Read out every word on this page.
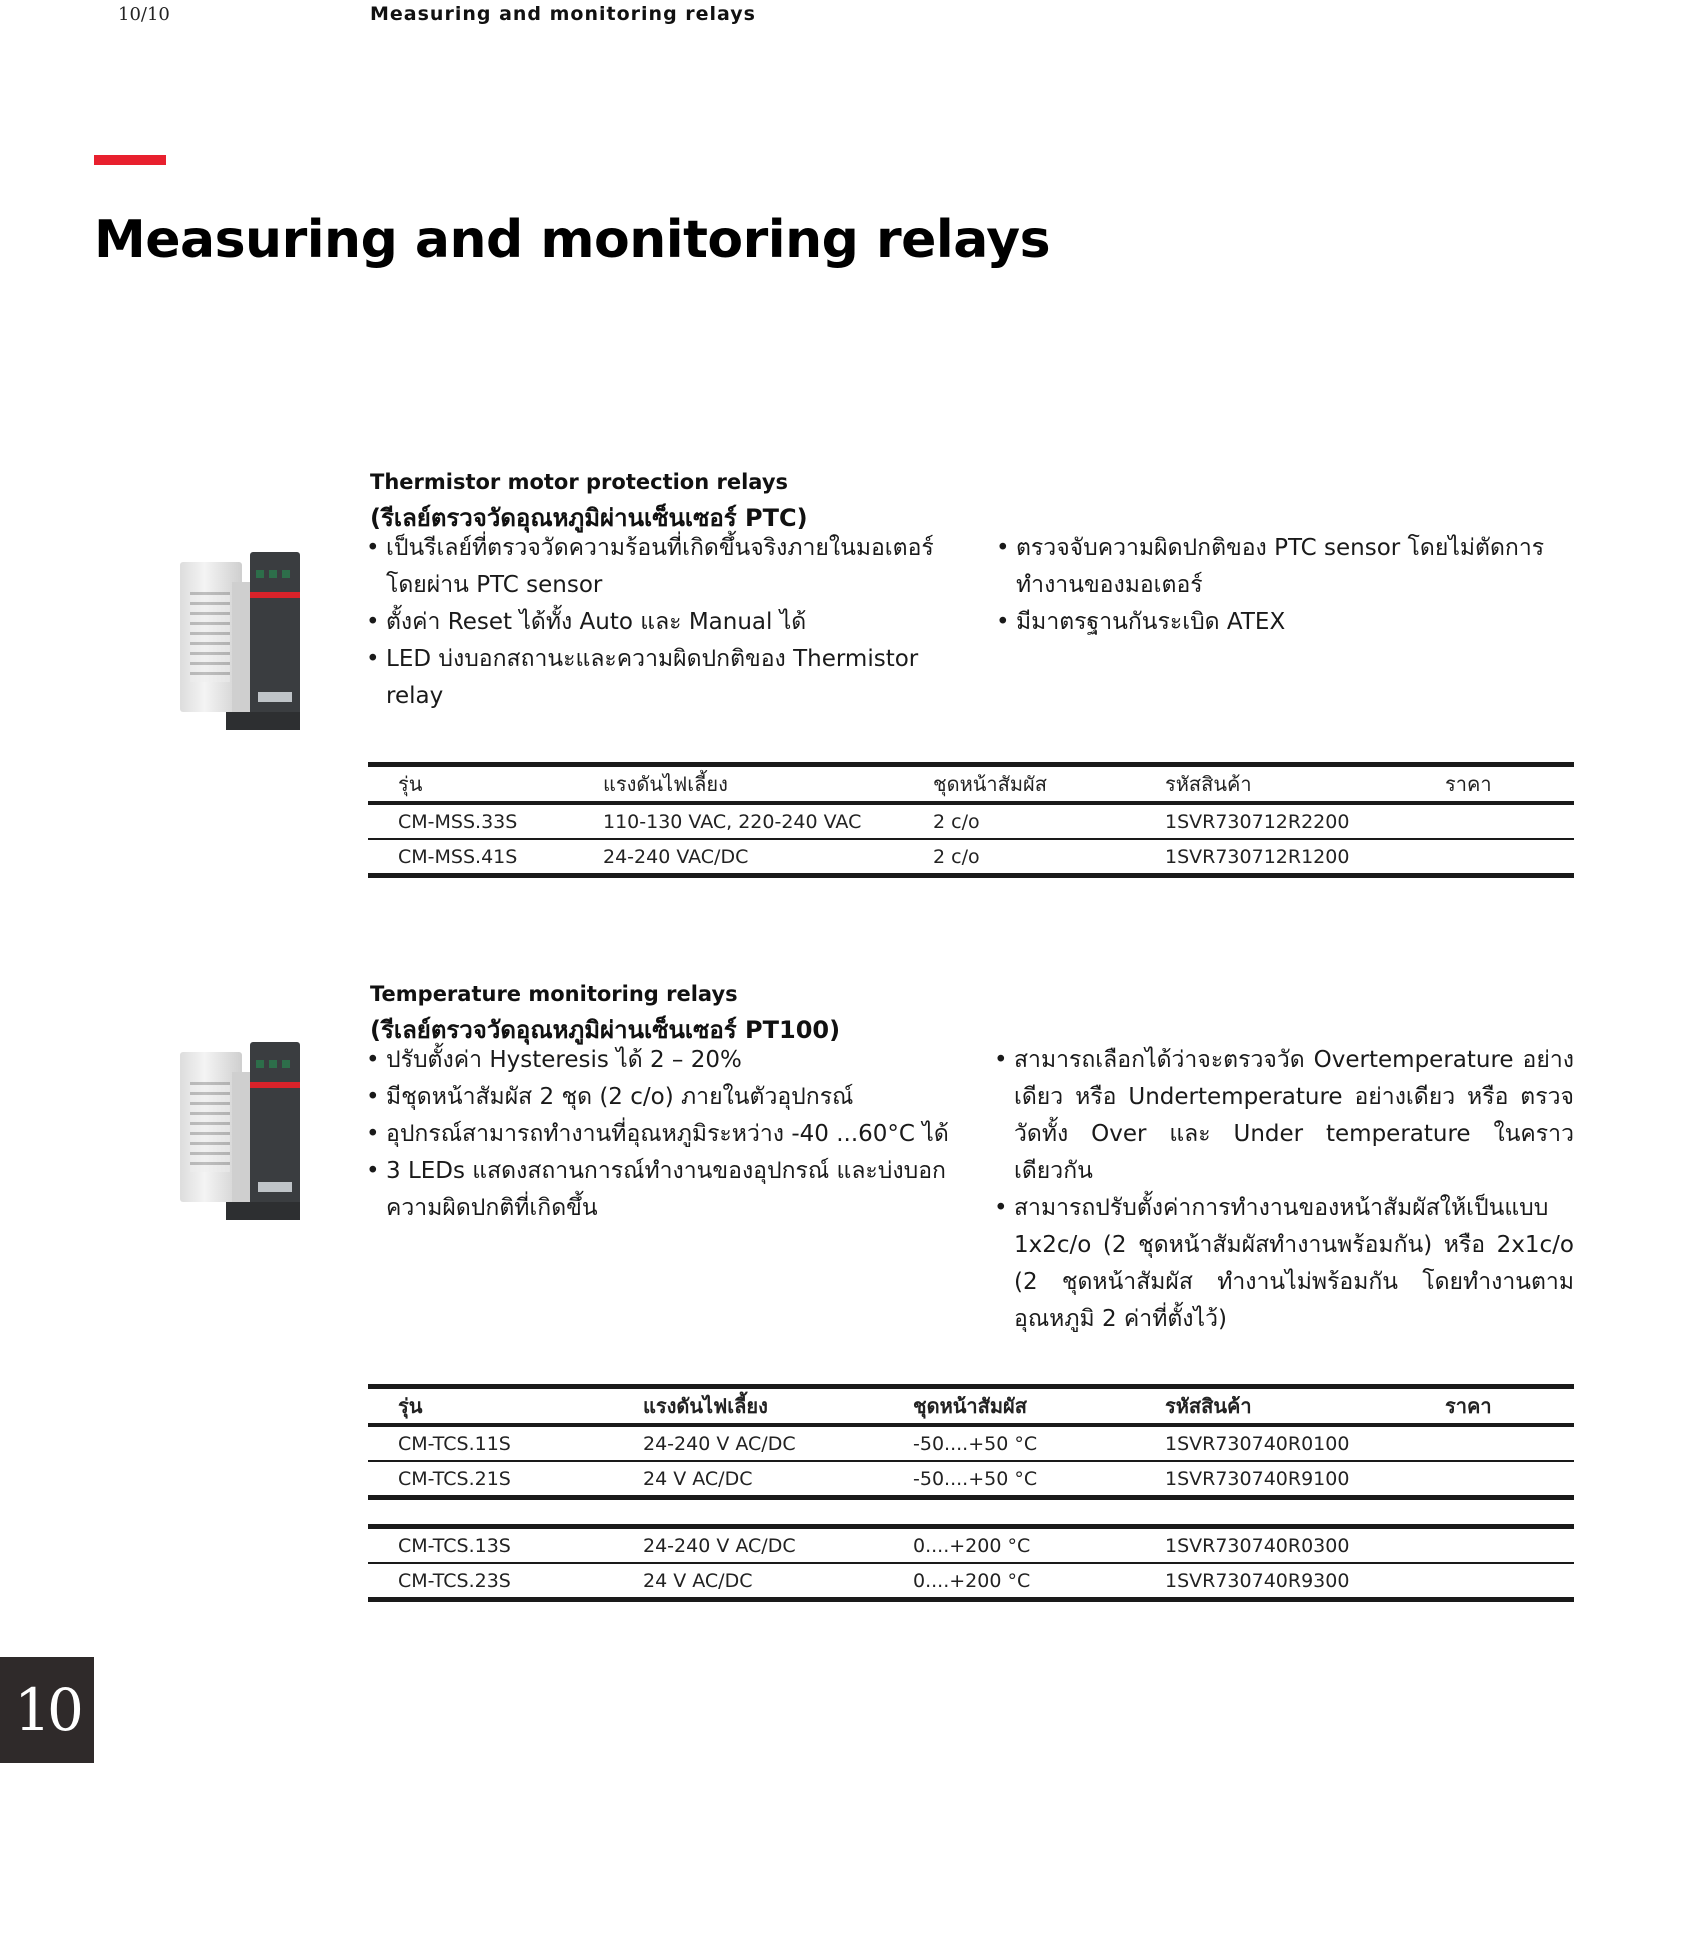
10/10	Measuring and monitoring relays
Measuring and monitoring relays
Thermistor motor protection relays
(รีเลย์ตรวจวัดอุณหภูมิผ่านเซ็นเซอร์ PTC)
• เป็นรีเลย์ที่ตรวจวัดความร้อนที่เกิดขึ้นจริงภายในมอเตอร์ โดยผ่าน PTC sensor
• ตั้งค่า Reset ได้ทั้ง Auto และ Manual ได้
• LED บ่งบอกสถานะและความผิดปกติของ Thermistor relay
• ตรวจจับความผิดปกติของ PTC sensor โดยไม่ตัดการทำงานของมอเตอร์
• มีมาตรฐานกันระเบิด ATEX
รุ่น	แรงดันไฟเลี้ยง	ชุดหน้าสัมผัส	รหัสสินค้า	ราคา
CM-MSS.33S	110-130 VAC, 220-240 VAC	2 c/o	1SVR730712R2200	
CM-MSS.41S	24-240 VAC/DC	2 c/o	1SVR730712R1200	
Temperature monitoring relays
(รีเลย์ตรวจวัดอุณหภูมิผ่านเซ็นเซอร์ PT100)
• ปรับตั้งค่า Hysteresis ได้ 2 – 20%
• มีชุดหน้าสัมผัส 2 ชุด (2 c/o) ภายในตัวอุปกรณ์
• อุปกรณ์สามารถทำงานที่อุณหภูมิระหว่าง -40 ...60°C ได้
• 3 LEDs แสดงสถานการณ์ทำงานของอุปกรณ์ และบ่งบอกความผิดปกติที่เกิดขึ้น
• สามารถเลือกได้ว่าจะตรวจวัด Overtemperature อย่างเดียว หรือ Undertemperature อย่างเดียว หรือ ตรวจวัดทั้ง Over และ Under temperature ในคราวเดียวกัน
• สามารถปรับตั้งค่าการทำงานของหน้าสัมผัสให้เป็นแบบ 1x2c/o (2 ชุดหน้าสัมผัสทำงานพร้อมกัน) หรือ 2x1c/o (2 ชุดหน้าสัมผัส ทำงานไม่พร้อมกัน โดยทำงานตามอุณหภูมิ 2 ค่าที่ตั้งไว้)
รุ่น	แรงดันไฟเลี้ยง	ชุดหน้าสัมผัส	รหัสสินค้า	ราคา
CM-TCS.11S	24-240 V AC/DC	-50....+50 °C	1SVR730740R0100	
CM-TCS.21S	24 V AC/DC	-50....+50 °C	1SVR730740R9100	
CM-TCS.13S	24-240 V AC/DC	0....+200 °C	1SVR730740R0300	
CM-TCS.23S	24 V AC/DC	0....+200 °C	1SVR730740R9300	
10
